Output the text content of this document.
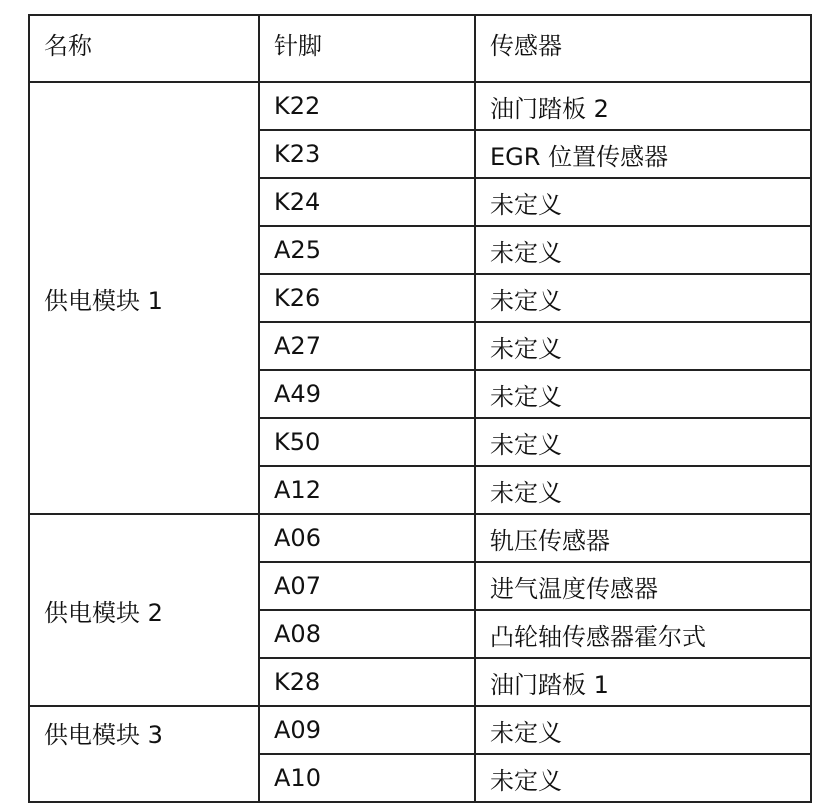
名称	针脚	传感器
供电模块 1	K22	油门踏板 2
	K23	EGR 位置传感器
	K24	未定义
	A25	未定义
	K26	未定义
	A27	未定义
	A49	未定义
	K50	未定义
	A12	未定义
供电模块 2	A06	轨压传感器
	A07	进气温度传感器
	A08	凸轮轴传感器霍尔式
	K28	油门踏板 1
供电模块 3	A09	未定义
	A10	未定义
